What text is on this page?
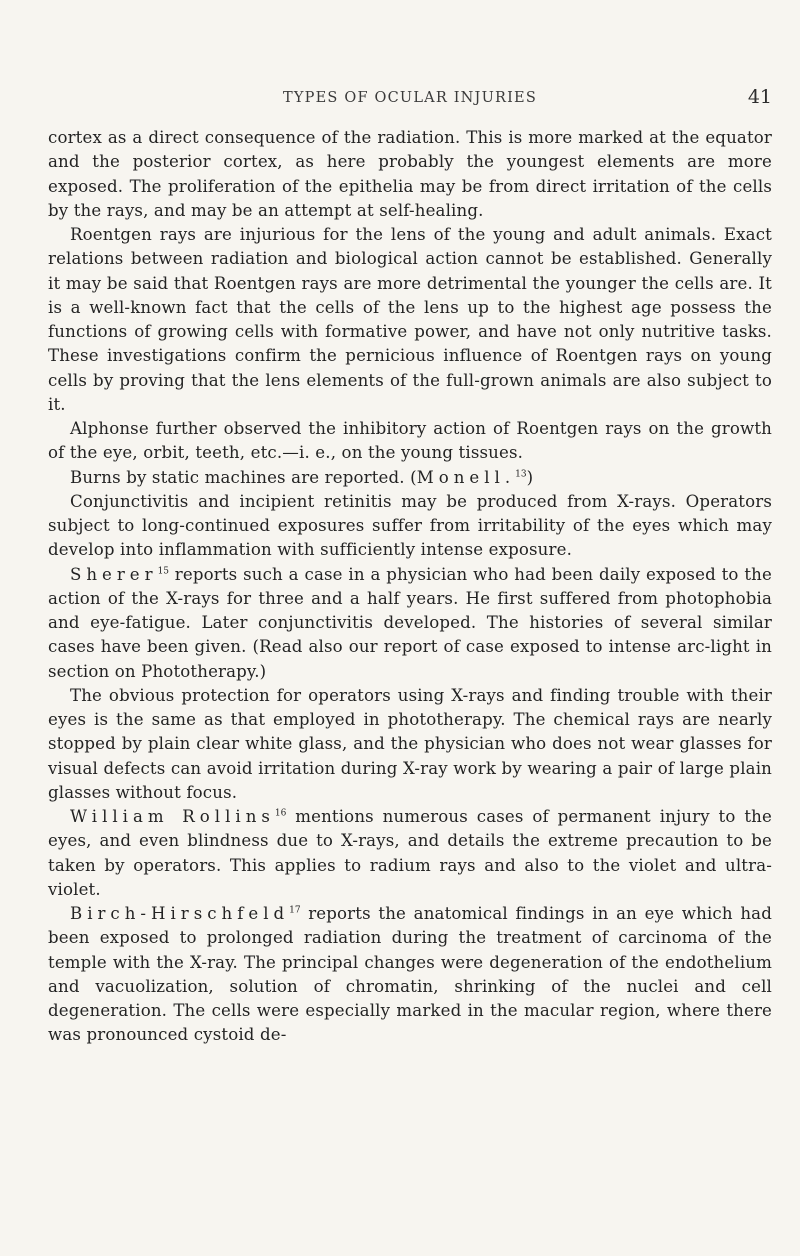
TYPES OF OCULAR INJURIES	41

cortex as a direct consequence of the radiation. This is more marked at the equator and the posterior cortex, as here probably the youngest elements are more exposed. The proliferation of the epithelia may be from direct irritation of the cells by the rays, and may be an attempt at self-healing.

Roentgen rays are injurious for the lens of the young and adult animals. Exact relations between radiation and biological action cannot be established. Generally it may be said that Roentgen rays are more detrimental the younger the cells are. It is a well-known fact that the cells of the lens up to the highest age possess the functions of growing cells with formative power, and have not only nutritive tasks. These investigations confirm the pernicious influence of Roentgen rays on young cells by proving that the lens elements of the full-grown animals are also subject to it.

Alphonse further observed the inhibitory action of Roentgen rays on the growth of the eye, orbit, teeth, etc.—i. e., on the young tissues.

Burns by static machines are reported. (Monell.$^{13}$)

Conjunctivitis and incipient retinitis may be produced from X-rays. Operators subject to long-continued exposures suffer from irritability of the eyes which may develop into inflammation with sufficiently intense exposure.

Sherer$^{15}$ reports such a case in a physician who had been daily exposed to the action of the X-rays for three and a half years. He first suffered from photophobia and eye-fatigue. Later conjunctivitis developed. The histories of several similar cases have been given. (Read also our report of case exposed to intense arc-light in section on Phototherapy.)

The obvious protection for operators using X-rays and finding trouble with their eyes is the same as that employed in phototherapy. The chemical rays are nearly stopped by plain clear white glass, and the physician who does not wear glasses for visual defects can avoid irritation during X-ray work by wearing a pair of large plain glasses without focus.

William Rollins$^{16}$ mentions numerous cases of permanent injury to the eyes, and even blindness due to X-rays, and details the extreme precaution to be taken by operators. This applies to radium rays and also to the violet and ultra-violet.

Birch-Hirschfeld$^{17}$ reports the anatomical findings in an eye which had been exposed to prolonged radiation during the treatment of carcinoma of the temple with the X-ray. The principal changes were degeneration of the endothelium and vacuolization, solution of chromatin, shrinking of the nuclei and cell degeneration. The cells were especially marked in the macular region, where there was pronounced cystoid de-
